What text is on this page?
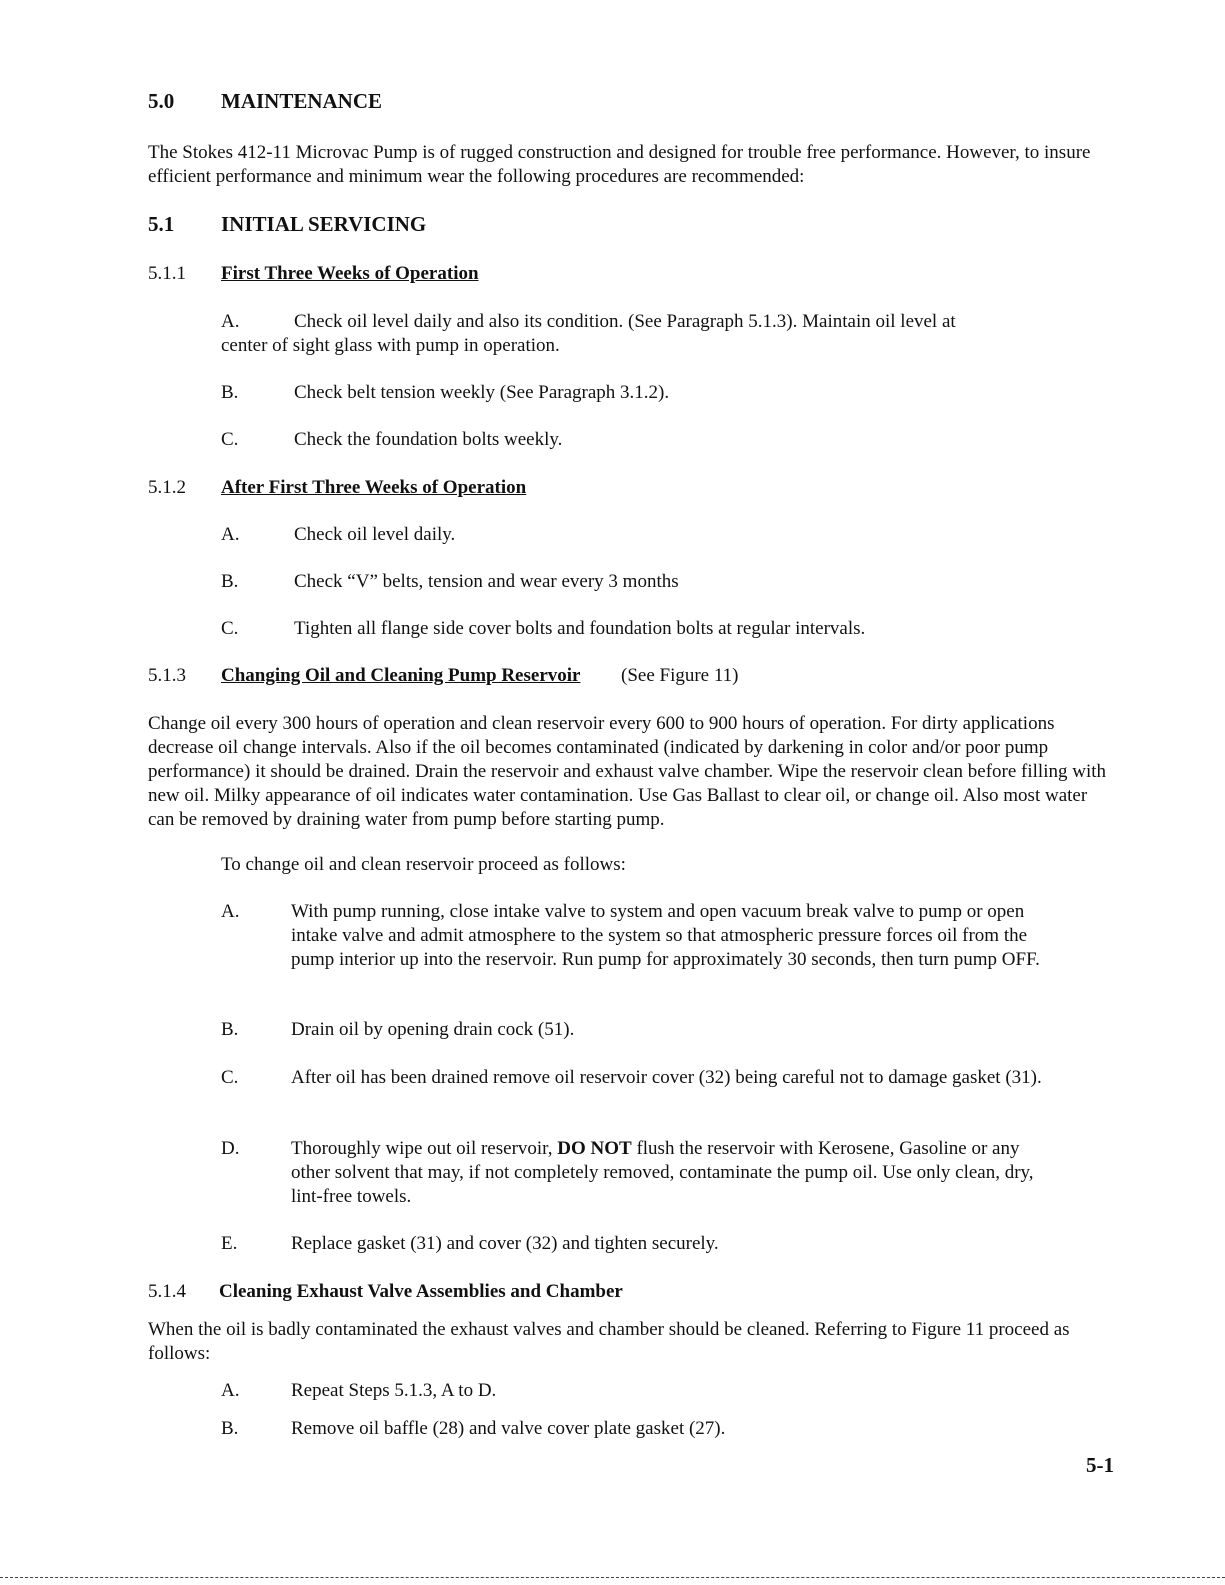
5.0 MAINTENANCE

The Stokes 412-11 Microvac Pump is of rugged construction and designed for trouble free performance. However, to insure efficient performance and minimum wear the following procedures are recommended:

5.1 INITIAL SERVICING
5.1.1 First Three Weeks of Operation
A.	Check oil level daily and also its condition. (See Paragraph 5.1.3). Maintain oil level at
center of sight glass with pump in operation.
B.	Check belt tension weekly (See Paragraph 3.1.2).
C.	Check the foundation bolts weekly.
5.1.2 After First Three Weeks of Operation
A.	Check oil level daily.
B.	Check “V” belts, tension and wear every 3 months
C.	Tighten all flange side cover bolts and foundation bolts at regular intervals.
5.1.3 Changing Oil and Cleaning Pump Reservoir (See Figure 11)

Change oil every 300 hours of operation and clean reservoir every 600 to 900 hours of operation. For dirty applications decrease oil change intervals. Also if the oil becomes contaminated (indicated by darkening in color and/or poor pump performance) it should be drained. Drain the reservoir and exhaust valve chamber. Wipe the reservoir clean before filling with new oil. Milky appearance of oil indicates water contamination. Use Gas Ballast to clear oil, or change oil. Also most water can be removed by draining water from pump before starting pump.

To change oil and clean reservoir proceed as follows:
A.	With pump running, close intake valve to system and open vacuum break valve to pump or open intake valve and admit atmosphere to the system so that atmospheric pressure forces oil from the pump interior up into the reservoir. Run pump for approximately 30 seconds, then turn pump OFF.

B.	Drain oil by opening drain cock (51).
C.	After oil has been drained remove oil reservoir cover (32) being careful not to damage gasket (31).

D.	Thoroughly wipe out oil reservoir, DO NOT flush the reservoir with Kerosene, Gasoline or any other solvent that may, if not completely removed, contaminate the pump oil. Use only clean, dry, lint-free towels.

E.	Replace gasket (31) and cover (32) and tighten securely.
5.1.4 Cleaning Exhaust Valve Assemblies and Chamber

When the oil is badly contaminated the exhaust valves and chamber should be cleaned. Referring to Figure 11 proceed as follows:

A.	Repeat Steps 5.1.3, A to D.
B.	Remove oil baffle (28) and valve cover plate gasket (27).
5-1
